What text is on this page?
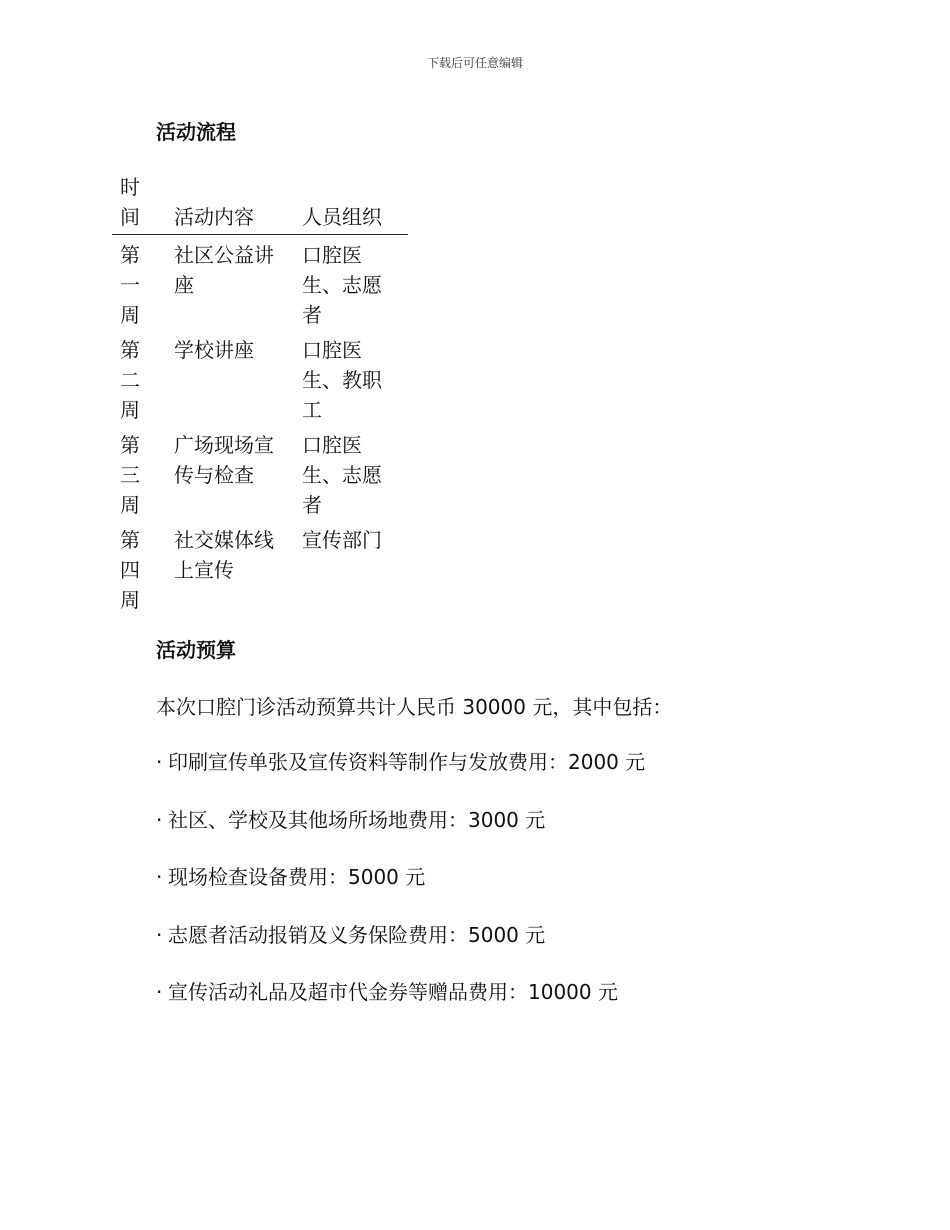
下载后可任意编辑
活动流程
时间	活动内容	人员组织

第一周	社区公益讲座	口腔医生、志愿者

第二周	学校讲座	口腔医生、教职工

第三周	广场现场宣传与检查	口腔医生、志愿者

第四周	社交媒体线上宣传	宣传部门
活动预算

本次口腔门诊活动预算共计人民币 30000 元，其中包括：

· 印刷宣传单张及宣传资料等制作与发放费用：2000 元
· 社区、学校及其他场所场地费用：3000 元
· 现场检查设备费用：5000 元
· 志愿者活动报销及义务保险费用：5000 元
· 宣传活动礼品及超市代金券等赠品费用：10000 元
